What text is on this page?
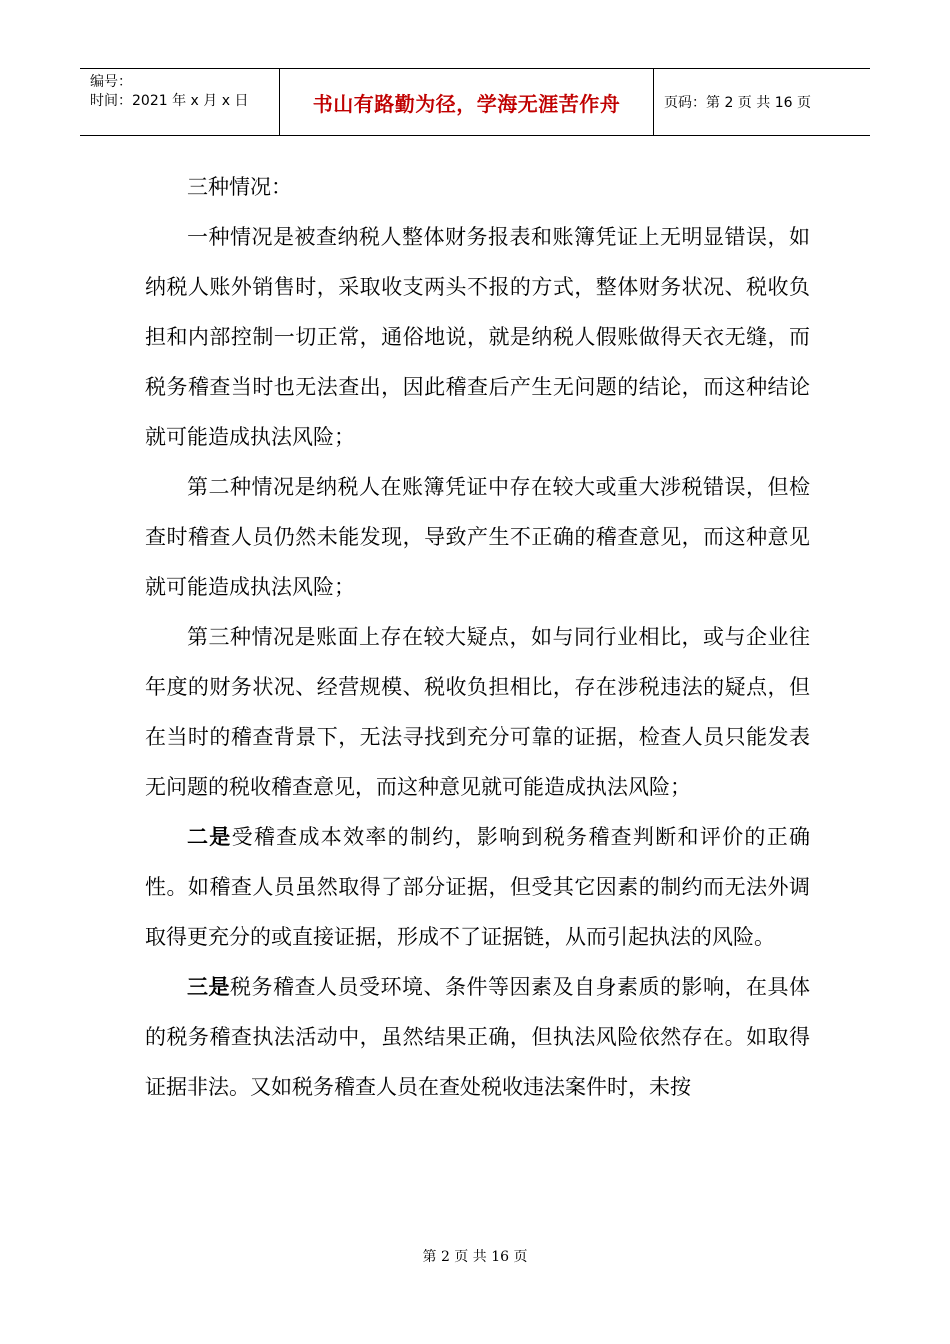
编号：
时间：2021 年 x 月 x 日	书山有路勤为径，学海无涯苦作舟	页码：第 2 页 共 16 页

三种情况：

一种情况是被查纳税人整体财务报表和账簿凭证上无明显错误，如纳税人账外销售时，采取收支两头不报的方式，整体财务状况、税收负担和内部控制一切正常，通俗地说，就是纳税人假账做得天衣无缝，而税务稽查当时也无法查出，因此稽查后产生无问题的结论，而这种结论就可能造成执法风险；

第二种情况是纳税人在账簿凭证中存在较大或重大涉税错误，但检查时稽查人员仍然未能发现，导致产生不正确的稽查意见，而这种意见就可能造成执法风险；

第三种情况是账面上存在较大疑点，如与同行业相比，或与企业往年度的财务状况、经营规模、税收负担相比，存在涉税违法的疑点，但在当时的稽查背景下，无法寻找到充分可靠的证据，检查人员只能发表无问题的税收稽查意见，而这种意见就可能造成执法风险；

二是受稽查成本效率的制约，影响到税务稽查判断和评价的正确性。如稽查人员虽然取得了部分证据，但受其它因素的制约而无法外调取得更充分的或直接证据，形成不了证据链，从而引起执法的风险。

三是税务稽查人员受环境、条件等因素及自身素质的影响，在具体的税务稽查执法活动中，虽然结果正确，但执法风险依然存在。如取得证据非法。又如税务稽查人员在查处税收违法案件时，未按

第 2 页 共 16 页
